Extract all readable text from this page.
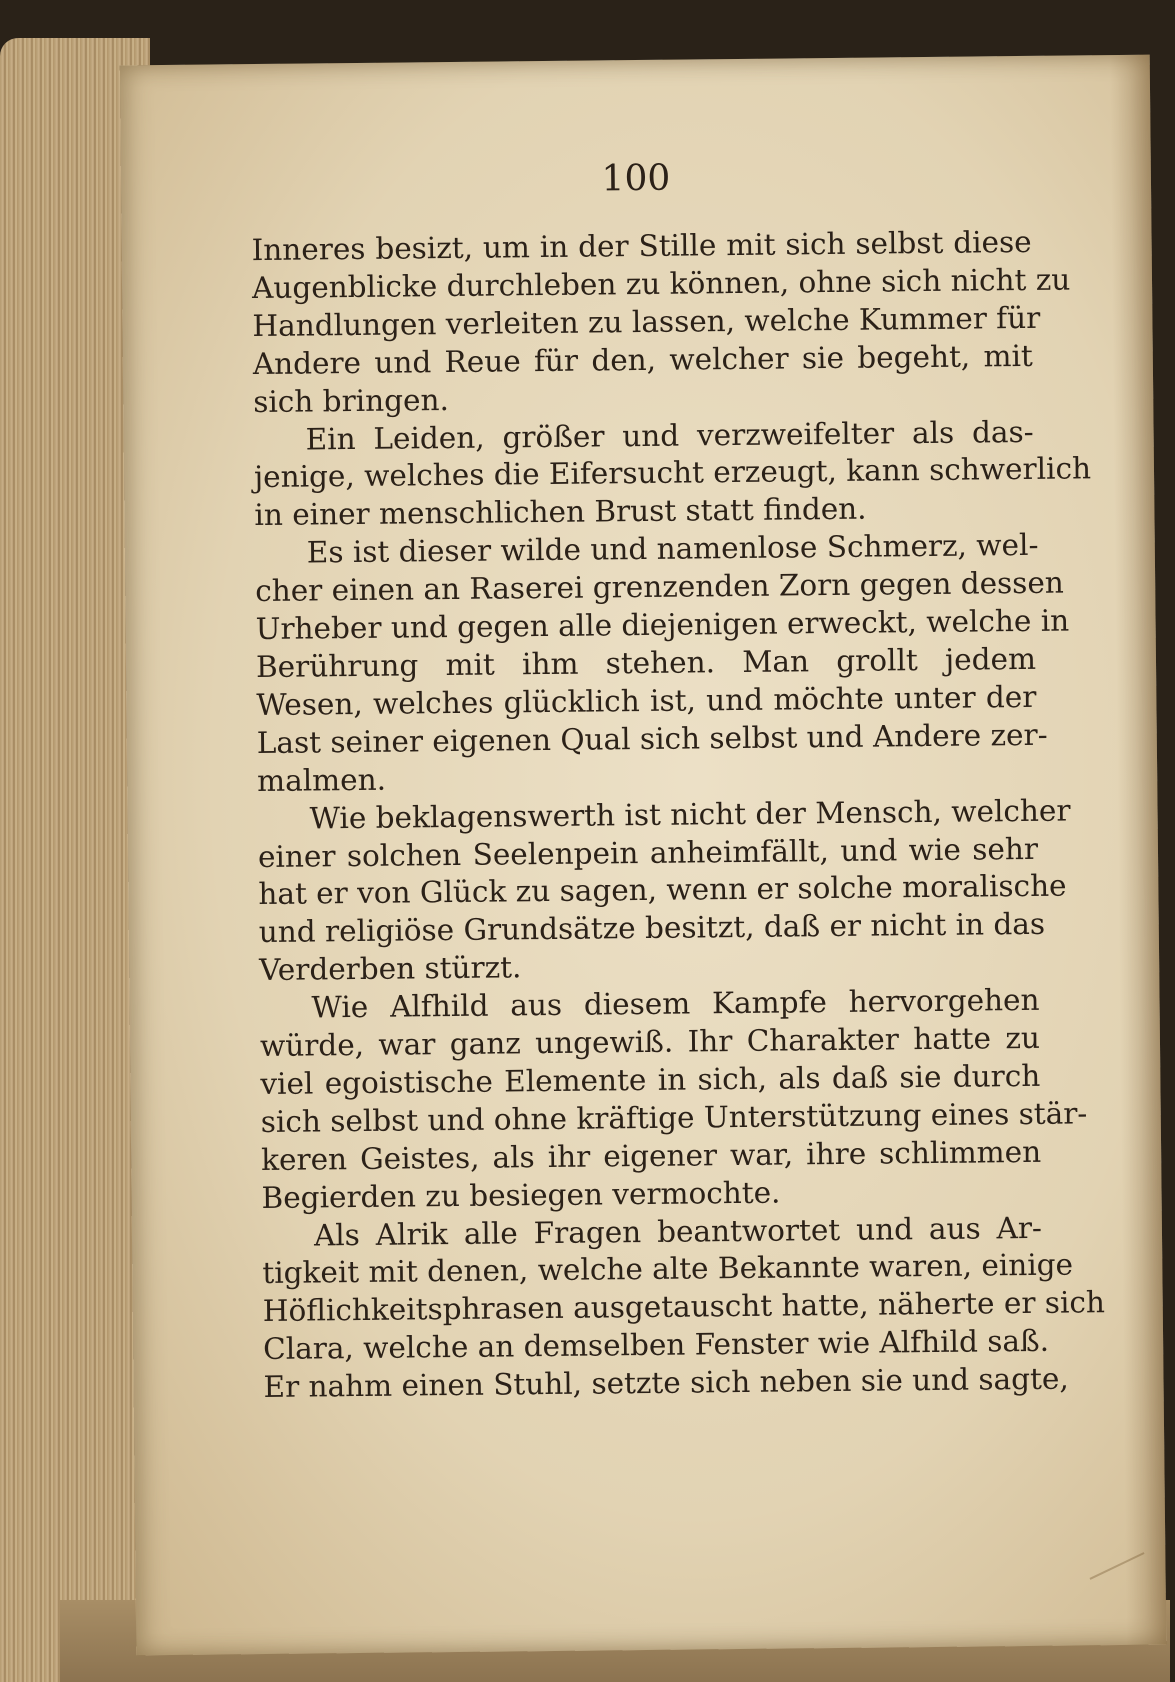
100
Inneres besizt, um in der Stille mit sich selbst diese
Augenblicke durchleben zu können, ohne sich nicht zu
Handlungen verleiten zu lassen, welche Kummer für
Andere und Reue für den, welcher sie begeht, mit
sich bringen.
Ein Leiden, größer und verzweifelter als das-
jenige, welches die Eifersucht erzeugt, kann schwerlich
in einer menschlichen Brust statt finden.
Es ist dieser wilde und namenlose Schmerz, wel-
cher einen an Raserei grenzenden Zorn gegen dessen
Urheber und gegen alle diejenigen erweckt, welche in
Berührung mit ihm stehen. Man grollt jedem
Wesen, welches glücklich ist, und möchte unter der
Last seiner eigenen Qual sich selbst und Andere zer-
malmen.
Wie beklagenswerth ist nicht der Mensch, welcher
einer solchen Seelenpein anheimfällt, und wie sehr
hat er von Glück zu sagen, wenn er solche moralische
und religiöse Grundsätze besitzt, daß er nicht in das
Verderben stürzt.
Wie Alfhild aus diesem Kampfe hervorgehen
würde, war ganz ungewiß. Ihr Charakter hatte zu
viel egoistische Elemente in sich, als daß sie durch
sich selbst und ohne kräftige Unterstützung eines stär-
keren Geistes, als ihr eigener war, ihre schlimmen
Begierden zu besiegen vermochte.
Als Alrik alle Fragen beantwortet und aus Ar-
tigkeit mit denen, welche alte Bekannte waren, einige
Höflichkeitsphrasen ausgetauscht hatte, näherte er sich
Clara, welche an demselben Fenster wie Alfhild saß.
Er nahm einen Stuhl, setzte sich neben sie und sagte,
